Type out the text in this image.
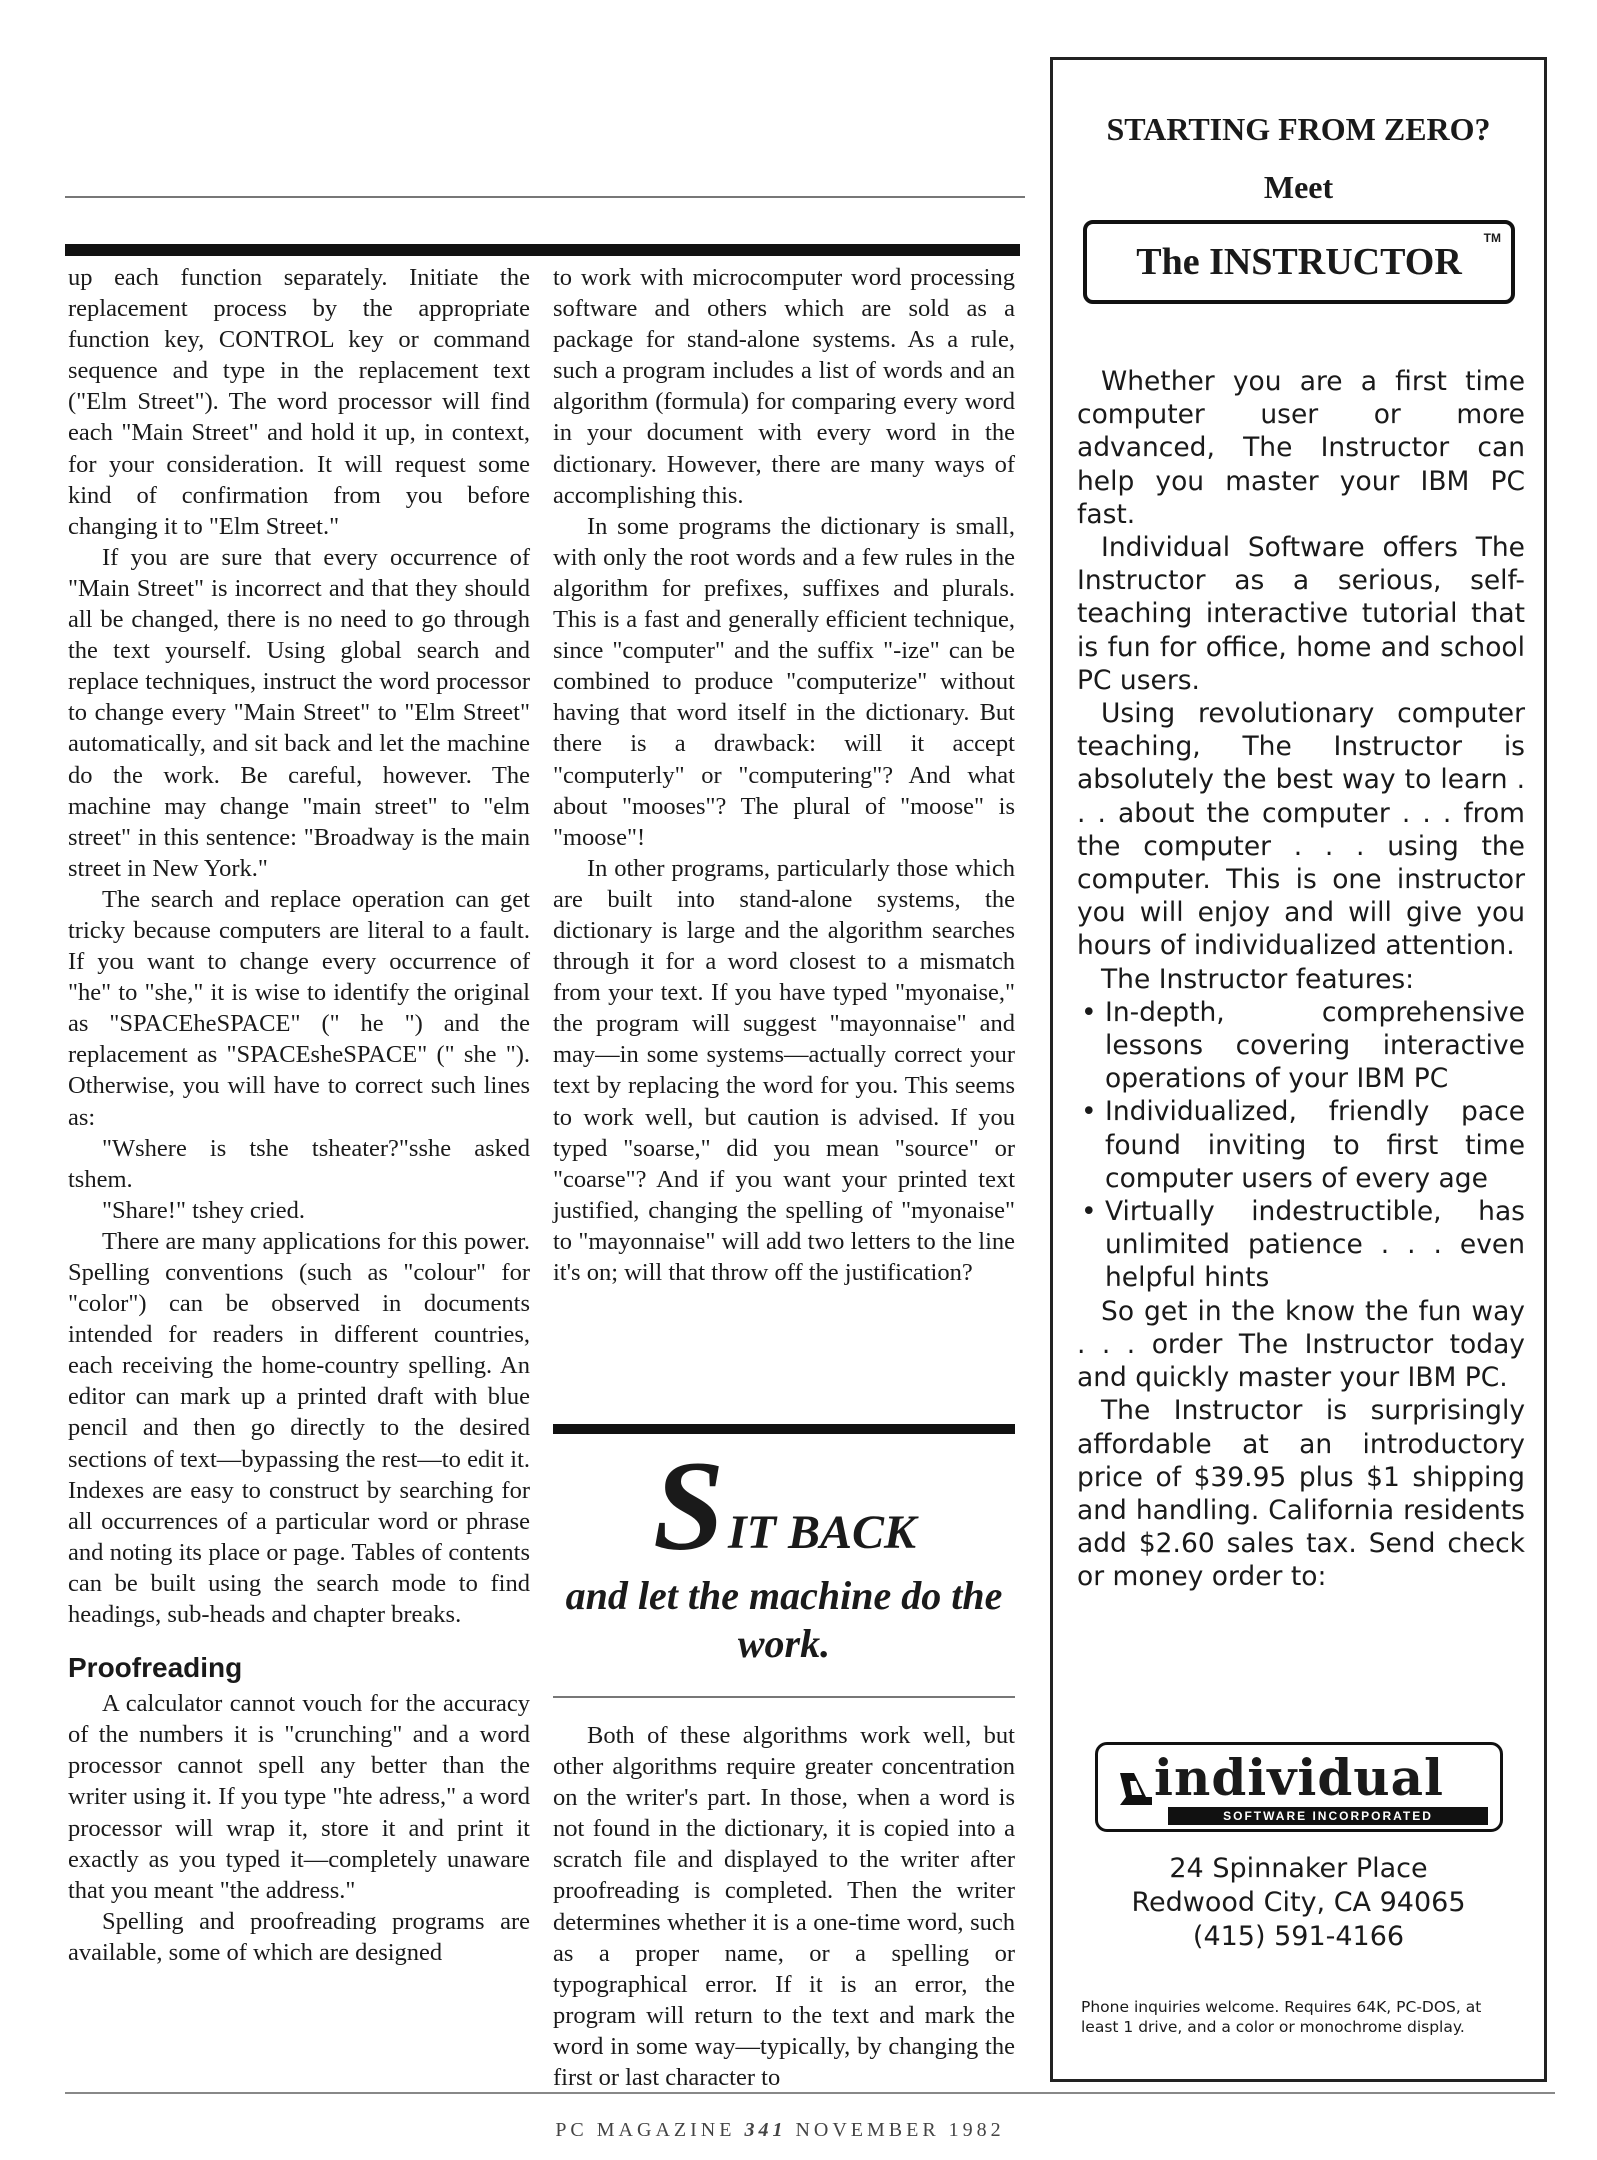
up each function separately. Initiate the replacement process by the appropriate function key, CONTROL key or command sequence and type in the replacement text ("Elm Street"). The word processor will find each "Main Street" and hold it up, in context, for your consideration. It will request some kind of confirmation from you before changing it to "Elm Street."

If you are sure that every occurrence of "Main Street" is incorrect and that they should all be changed, there is no need to go through the text yourself. Using global search and replace techniques, instruct the word processor to change every "Main Street" to "Elm Street" automatically, and sit back and let the machine do the work. Be careful, however. The machine may change "main street" to "elm street" in this sentence: "Broadway is the main street in New York."

The search and replace operation can get tricky because computers are literal to a fault. If you want to change every occurrence of "he" to "she," it is wise to identify the original as "SPACEheSPACE" (" he ") and the replacement as "SPACEsheSPACE" (" she "). Otherwise, you will have to correct such lines as:

"Wshere is tshe tsheater?"sshe asked tshem.

"Share!" tshey cried.

There are many applications for this power. Spelling conventions (such as "colour" for "color") can be observed in documents intended for readers in different countries, each receiving the home-country spelling. An editor can mark up a printed draft with blue pencil and then go directly to the desired sections of text—bypassing the rest—to edit it. Indexes are easy to construct by searching for all occurrences of a particular word or phrase and noting its place or page. Tables of contents can be built using the search mode to find headings, sub-heads and chapter breaks.

Proofreading

A calculator cannot vouch for the accuracy of the numbers it is "crunching" and a word processor cannot spell any better than the writer using it. If you type "hte adress," a word processor will wrap it, store it and print it exactly as you typed it—completely unaware that you meant "the address."

Spelling and proofreading programs are available, some of which are designed

to work with microcomputer word processing software and others which are sold as a package for stand-alone systems. As a rule, such a program includes a list of words and an algorithm (formula) for comparing every word in your document with every word in the dictionary. However, there are many ways of accomplishing this.

In some programs the dictionary is small, with only the root words and a few rules in the algorithm for prefixes, suffixes and plurals. This is a fast and generally efficient technique, since "computer" and the suffix "-ize" can be combined to produce "computerize" without having that word itself in the dictionary. But there is a drawback: will it accept "computerly" or "computering"? And what about "mooses"? The plural of "moose" is "moose"!

In other programs, particularly those which are built into stand-alone systems, the dictionary is large and the algorithm searches through it for a word closest to a mismatch from your text. If you have typed "myonaise," the program will suggest "mayonnaise" and may—in some systems—actually correct your text by replacing the word for you. This seems to work well, but caution is advised. If you typed "soarse," did you mean "source" or "coarse"? And if you want your printed text justified, changing the spelling of "myonaise" to "mayonnaise" will add two letters to the line it's on; will that throw off the justification?

S IT BACK
and let the machine do the work.

Both of these algorithms work well, but other algorithms require greater concentration on the writer's part. In those, when a word is not found in the dictionary, it is copied into a scratch file and displayed to the writer after proofreading is completed. Then the writer determines whether it is a one-time word, such as a proper name, or a spelling or typographical error. If it is an error, the program will return to the text and mark the word in some way—typically, by changing the first or last character to

STARTING FROM ZERO?
Meet
The INSTRUCTOR
TM

Whether you are a first time computer user or more advanced, The Instructor can help you master your IBM PC fast.

Individual Software offers The Instructor as a serious, self-teaching interactive tutorial that is fun for office, home and school PC users.

Using revolutionary computer teaching, The Instructor is absolutely the best way to learn . . . about the computer . . . from the computer . . . using the computer. This is one instructor you will enjoy and will give you hours of individualized attention.

The Instructor features:

• In-depth, comprehensive lessons covering interactive operations of your IBM PC
• Individualized, friendly pace found inviting to first time computer users of every age
• Virtually indestructible, has unlimited patience . . . even helpful hints

So get in the know the fun way . . . order The Instructor today and quickly master your IBM PC.

The Instructor is surprisingly affordable at an introductory price of $39.95 plus $1 shipping and handling. California residents add $2.60 sales tax. Send check or money order to:

individual
SOFTWARE INCORPORATED
24 Spinnaker Place
Redwood City, CA 94065
(415) 591-4166
Phone inquiries welcome. Requires 64K, PC-DOS, at least 1 drive, and a color or monochrome display.
PC MAGAZINE 341 NOVEMBER 1982
